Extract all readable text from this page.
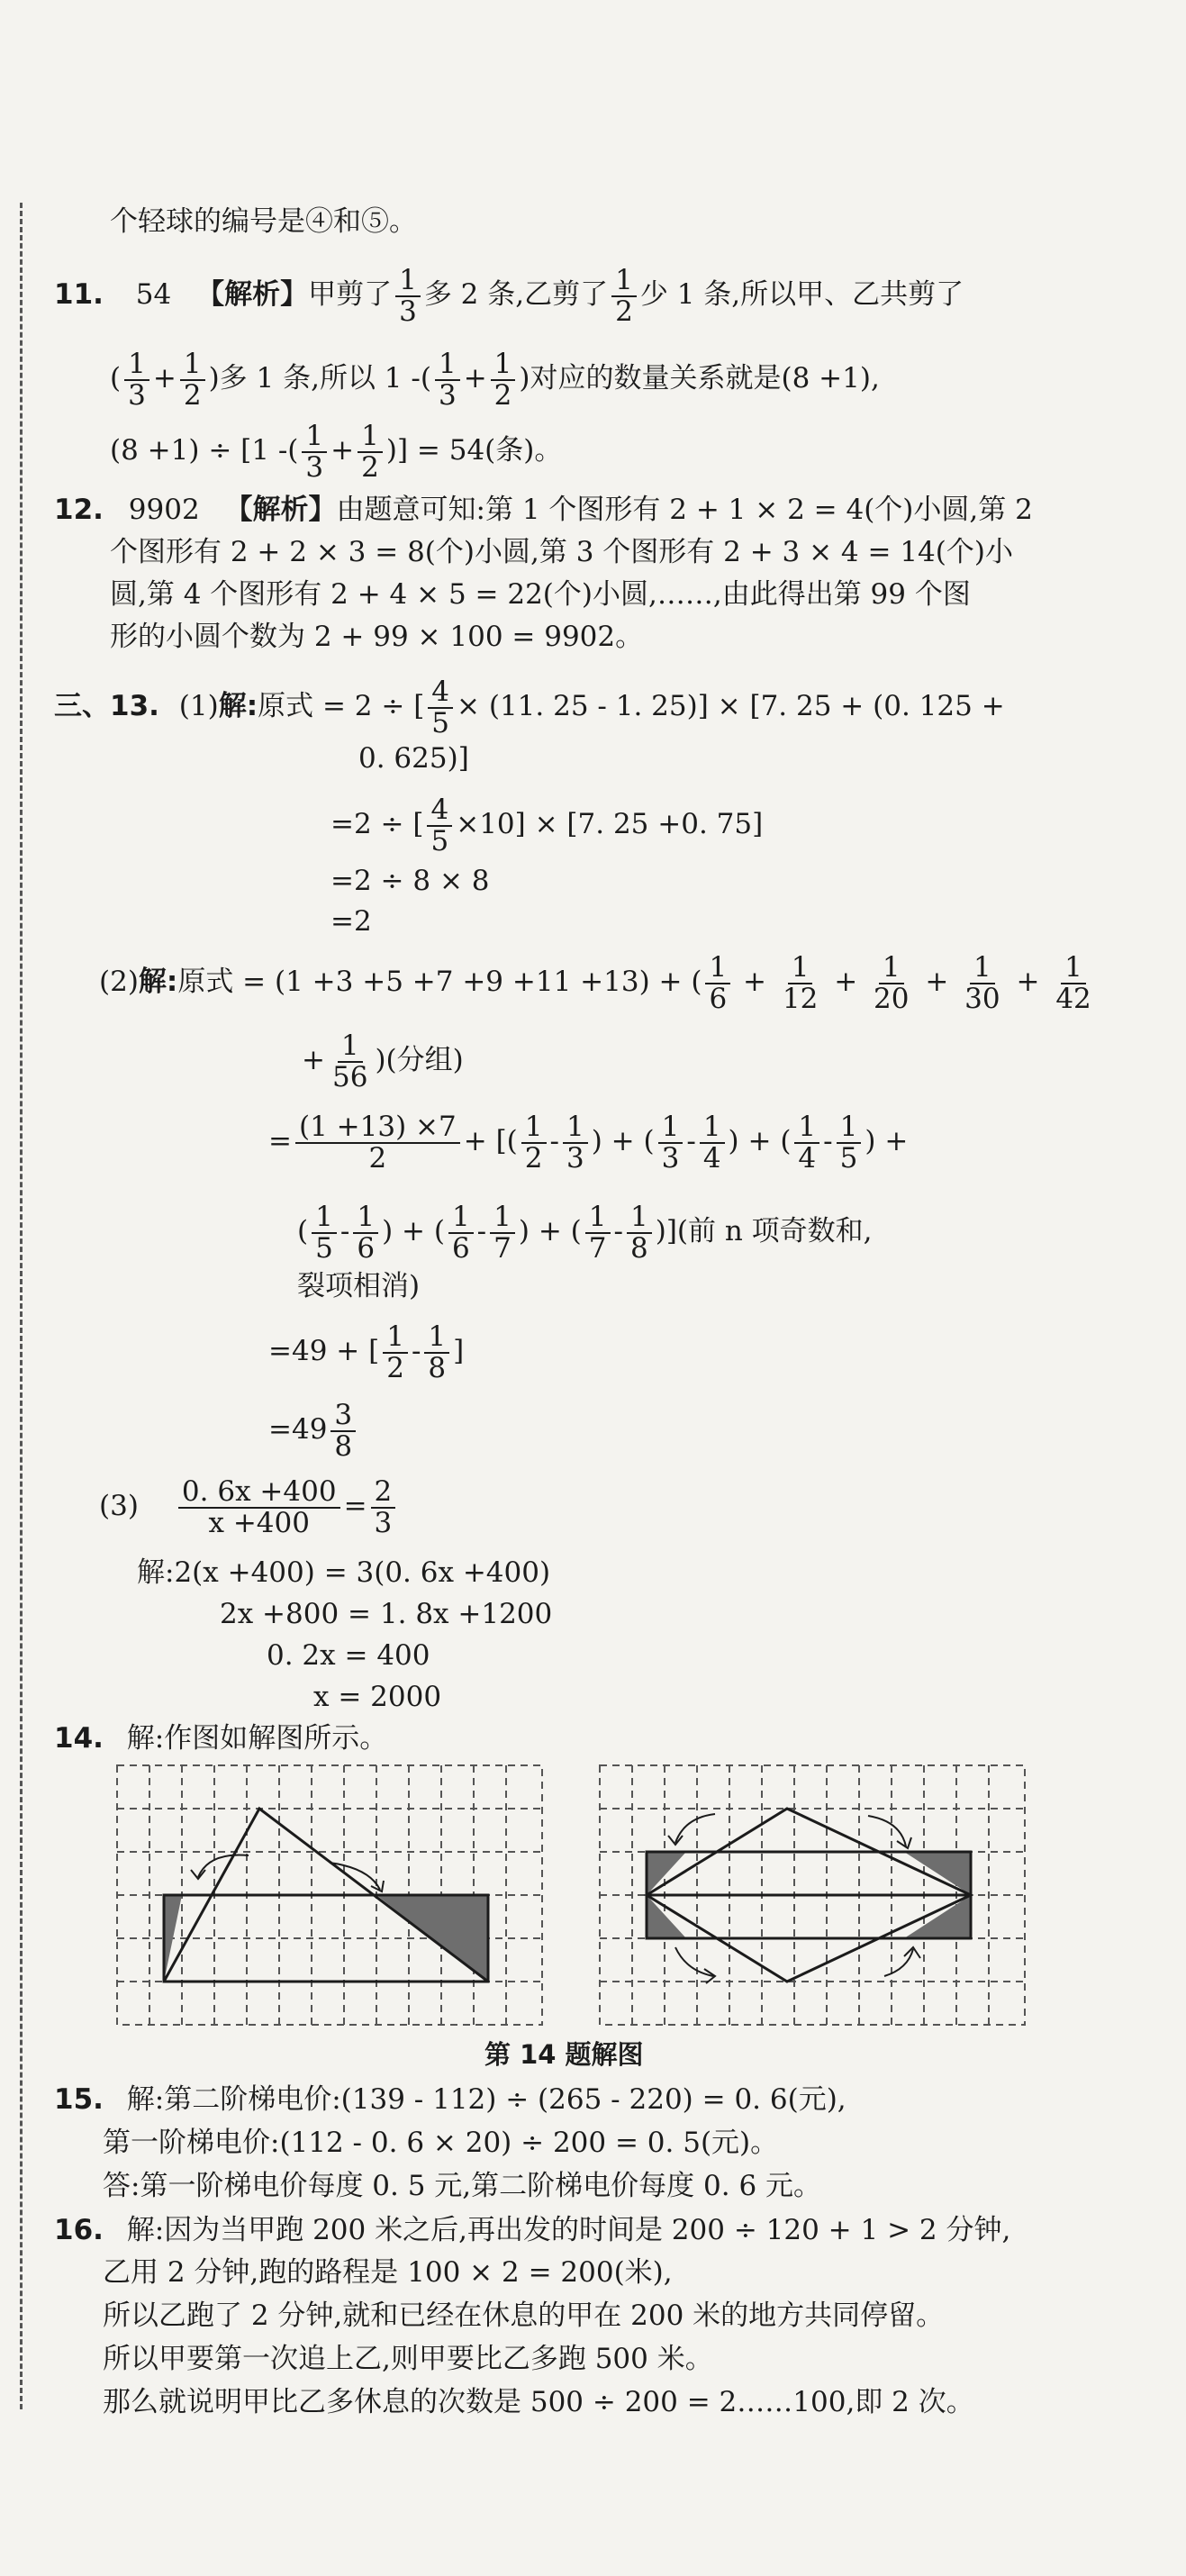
个轻球的编号是④和⑤。
11. 54 【解析】甲剪了 $\frac{1}{3}$ 多 2 条,乙剪了 $\frac{1}{2}$ 少 1 条,所以甲、乙共剪了
( $\frac{1}{3} + \frac{1}{2}$ )多 1 条,所以 1 -( $\frac{1}{3} + \frac{1}{2}$ )对应的数量关系就是(8 +1),
(8 +1) ÷ [1 -( $\frac{1}{3} + \frac{1}{2}$ )] = 54(条)。
12. 9902 【解析】由题意可知:第 1 个图形有 2 + 1 × 2 = 4(个)小圆,第 2
个图形有 2 + 2 × 3 = 8(个)小圆,第 3 个图形有 2 + 3 × 4 = 14(个)小
圆,第 4 个图形有 2 + 4 × 5 = 22(个)小圆,……,由此得出第 99 个图
形的小圆个数为 2 + 99 × 100 = 9902。
三、13. (1)解:原式 = 2 ÷ [ $\frac{4}{5} \times (11$. 25 - 1. 25)] × [7. 25 + (0. 125 +
0. 625)]
=2 ÷ [ $\frac{4}{5} \times 10] \times [7$. 25 +0. 75]
=2 ÷ 8 × 8
=2
(2)解:原式 = (1 +3 +5 +7 +9 +11 +13) + ( $\frac{1}{6} + \frac{1}{12} + \frac{1}{20} + \frac{1}{30} + \frac{1}{42}$
+ $\frac{1}{56}$ )(分组)
= $\frac{(1 +13) \times 7}{2}$ + [( $\frac{1}{2} - \frac{1}{3}$ ) + ( $\frac{1}{3} - \frac{1}{4}$ ) + ( $\frac{1}{4} - \frac{1}{5}$ ) +
( $\frac{1}{5} - \frac{1}{6}$ ) + ( $\frac{1}{6} - \frac{1}{7}$ ) + ( $\frac{1}{7} - \frac{1}{8}$ )](前 n 项奇数和,
裂项相消)
=49 + [ $\frac{1}{2} - \frac{1}{8}$ ]
$=49 \frac{3}{8}$
$(3) \frac{0. 6x +400}{x +400} = \frac{2}{3}$
解:2(x +400) = 3(0. 6x +400)
2x +800 = 1. 8x +1200
0. 2x = 400
x = 2000
14. 解:作图如解图所示。
第 14 题解图
15. 解:第二阶梯电价:(139 - 112) ÷ (265 - 220) = 0. 6(元),
第一阶梯电价:(112 - 0. 6 × 20) ÷ 200 = 0. 5(元)。
答:第一阶梯电价每度 0. 5 元,第二阶梯电价每度 0. 6 元。
16. 解:因为当甲跑 200 米之后,再出发的时间是 200 ÷ 120 + 1 > 2 分钟,
乙用 2 分钟,跑的路程是 100 × 2 = 200(米),
所以乙跑了 2 分钟,就和已经在休息的甲在 200 米的地方共同停留。
所以甲要第一次追上乙,则甲要比乙多跑 500 米。
那么就说明甲比乙多休息的次数是 500 ÷ 200 = 2……100,即 2 次。
